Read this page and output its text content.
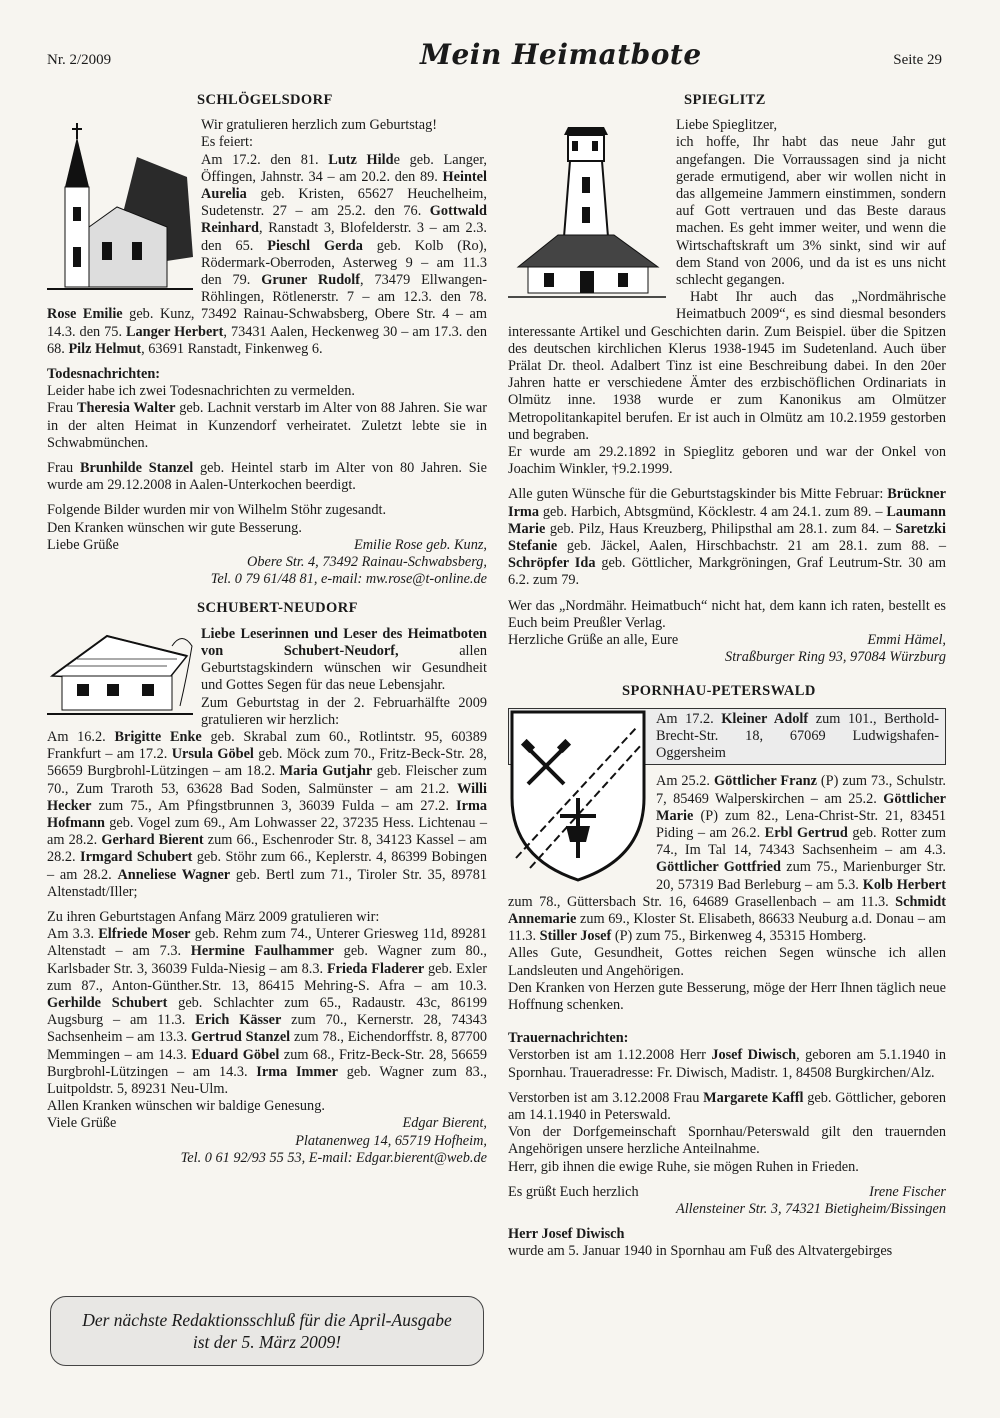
Nr. 2/2009	Mein Heimatbote	Seite 29
SCHLÖGELSDORF

Wir gratulieren herzlich zum Geburtstag!

Es feiert:

Am 17.2. den 81. Lutz Hilde geb. Langer, Öffingen, Jahnstr. 34 – am 20.2. den 89. Heintel Aurelia geb. Kristen, 65627 Heuchelheim, Sudetenstr. 27 – am 25.2. den 76. Gottwald Reinhard, Ranstadt 3, Blofelderstr. 3 – am 2.3. den 65. Pieschl Gerda geb. Kolb (Ro), Rödermark-Oberroden, Asterweg 9 – am 11.3 den 79. Gruner Rudolf, 73479 Ellwangen-Röhlingen, Rötlenerstr. 7 – am 12.3. den 78. Rose Emilie geb. Kunz, 73492 Rainau-Schwabsberg, Obere Str. 4 – am 14.3. den 75. Langer Herbert, 73431 Aalen, Heckenweg 30 – am 17.3. den 68. Pilz Helmut, 63691 Ranstadt, Finkenweg 6.

Todesnachrichten:

Leider habe ich zwei Todesnachrichten zu vermelden.

Frau Theresia Walter geb. Lachnit verstarb im Alter von 88 Jahren. Sie war in der alten Heimat in Kunzendorf verheiratet. Zuletzt lebte sie in Schwabmünchen.

Frau Brunhilde Stanzel geb. Heintel starb im Alter von 80 Jahren. Sie wurde am 29.12.2008 in Aalen-Unterkochen beerdigt.

Folgende Bilder wurden mir von Wilhelm Stöhr zugesandt.

Den Kranken wünschen wir gute Besserung.

Liebe Grüße	Emilie Rose geb. Kunz,

Obere Str. 4, 73492 Rainau-Schwabsberg,

Tel. 0 79 61/48 81, e-mail: mw.rose@t-online.de

SCHUBERT-NEUDORF

Liebe Leserinnen und Leser des Heimatboten von Schubert-Neudorf,	allen Geburtstagskindern wünschen wir Gesundheit und Gottes Segen für das neue Lebensjahr.

Zum Geburtstag in der 2. Februarhälfte 2009 gratulieren wir herzlich:

Am 16.2. Brigitte Enke geb. Skrabal zum 60., Rotlintstr. 95, 60389 Frankfurt – am 17.2. Ursula Göbel geb. Möck zum 70., Fritz-Beck-Str. 28, 56659 Burgbrohl-Lützingen – am 18.2. Maria Gutjahr geb. Fleischer zum 70., Zum Traroth 53, 63628 Bad Soden, Salmünster – am 21.2. Willi Hecker zum 75., Am Pfingstbrunnen 3, 36039 Fulda – am 27.2. Irma Hofmann geb. Vogel zum 69., Am Lohwasser 22, 37235 Hess. Lichtenau – am 28.2. Gerhard Bierent zum 66., Eschenroder Str. 8, 34123 Kassel – am 28.2. Irmgard Schubert geb. Stöhr zum 66., Keplerstr. 4, 86399 Bobingen – am 28.2. Anneliese Wagner geb. Bertl zum 71., Tiroler Str. 35, 89781 Altenstadt/Iller;

Zu ihren Geburtstagen Anfang März 2009 gratulieren wir:

Am 3.3. Elfriede Moser geb. Rehm zum 74., Unterer Griesweg 11d, 89281 Altenstadt – am 7.3. Hermine Faulhammer geb. Wagner zum 80., Karlsbader Str. 3, 36039 Fulda-Niesig – am 8.3. Frieda Fladerer geb. Exler zum 87., Anton-Günther.Str. 13, 86415 Mehring-S. Afra – am 10.3. Gerhilde Schubert geb. Schlachter zum 65., Radaustr. 43c, 86199 Augsburg – am 11.3. Erich Kässer zum 70., Kernerstr. 28, 74343 Sachsenheim – am 13.3. Gertrud Stanzel zum 78., Eichendorffstr. 8, 87700 Memmingen – am 14.3. Eduard Göbel zum 68., Fritz-Beck-Str. 28, 56659 Burgbrohl-Lützingen – am 14.3. Irma Immer geb. Wagner zum 83., Luitpoldstr. 5, 89231 Neu-Ulm.

Allen Kranken wünschen wir baldige Genesung.

Viele Grüße	Edgar Bierent,

Platanenweg 14, 65719 Hofheim,

Tel. 0 61 92/93 55 53, E-mail: Edgar.bierent@web.de

Der nächste Redaktionsschluß für die April-Ausgabe
ist der 5. März 2009!
SPIEGLITZ

Liebe Spieglitzer,

ich hoffe, Ihr habt das neue Jahr gut angefangen. Die Vorraussagen sind ja nicht gerade ermutigend, aber wir wollen nicht in das allgemeine Jammern einstimmen, sondern auf Gott vertrauen und das Beste daraus machen. Es geht immer weiter, und wenn die Wirtschaftskraft um 3% sinkt, sind wir auf dem Stand von 2006, und da ist es uns nicht schlecht gegangen.

Habt Ihr auch das „Nordmährische Heimatbuch 2009“, es sind diesmal besonders interessante Artikel und Geschichten darin. Zum Beispiel. über die Spitzen des deutschen kirchlichen Klerus 1938-1945 im Sudetenland. Auch über Prälat Dr. theol. Adalbert Tinz ist eine Beschreibung dabei. In den 20er Jahren hatte er verschiedene Ämter des erzbischöflichen Ordinariats in Olmütz inne. 1938 wurde er zum Kanonikus am Olmützer Metropolitankapitel berufen. Er ist auch in Olmütz am 10.2.1959 gestorben und begraben.

Er wurde am 29.2.1892 in Spieglitz geboren und war der Onkel von Joachim Winkler, †9.2.1999.

Alle guten Wünsche für die Geburtstagskinder bis Mitte Februar: Brückner Irma geb. Harbich, Abtsgmünd, Köcklestr. 4 am 24.1. zum 89. – Laumann Marie geb. Pilz, Haus Kreuzberg, Philipsthal am 28.1. zum 84. – Saretzki Stefanie geb. Jäckel, Aalen, Hirschbachstr. 21 am 28.1. zum 88. – Schröpfer Ida geb. Göttlicher, Markgröningen, Graf Leutrum-Str. 30 am 6.2. zum 79.

Wer das „Nordmähr. Heimatbuch“ nicht hat, dem kann ich raten, bestellt es Euch beim Preußler Verlag.

Herzliche Grüße an alle, Eure	Emmi Hämel,

Straßburger Ring 93, 97084 Würzburg

SPORNHAU-PETERSWALD
Am 17.2. Kleiner Adolf zum 101., Berthold-Brecht-Str. 18, 67069 Ludwigshafen-Oggersheim

Am 25.2. Göttlicher Franz (P) zum 73., Schulstr. 7, 85469 Walperskirchen – am 25.2. Göttlicher Marie (P) zum 82., Lena-Christ-Str. 21, 83451 Piding – am 26.2. Erbl Gertrud geb. Rotter zum 74., Im Tal 14, 74343 Sachsenheim – am 4.3. Göttlicher Gottfried zum 75., Marienburger Str. 20, 57319 Bad Berleburg – am 5.3. Kolb Herbert zum 78., Güttersbach Str. 16, 64689 Grasellenbach – am 11.3. Schmidt Annemarie zum 69., Kloster St. Elisabeth, 86633 Neuburg a.d. Donau – am 11.3. Stiller Josef (P) zum 75., Birkenweg 4, 35315 Homberg.

Alles Gute, Gesundheit, Gottes reichen Segen wünsche ich allen Landsleuten und Angehörigen.

Den Kranken von Herzen gute Besserung, möge der Herr Ihnen täglich neue Hoffnung schenken.

Trauernachrichten:

Verstorben ist am 1.12.2008 Herr Josef Diwisch, geboren am 5.1.1940 in Spornhau. Traueradresse: Fr. Diwisch, Madistr. 1, 84508 Burgkirchen/Alz.

Verstorben ist am 3.12.2008 Frau Margarete Kaffl geb. Göttlicher, geboren am 14.1.1940 in Peterswald.

Von der Dorfgemeinschaft Spornhau/Peterswald gilt den trauernden Angehörigen unsere herzliche Anteilnahme.

Herr, gib ihnen die ewige Ruhe, sie mögen Ruhen in Frieden.

Es grüßt Euch herzlich	Irene Fischer

Allensteiner Str. 3, 74321 Bietigheim/Bissingen

Herr Josef Diwisch

wurde am 5. Januar 1940 in Spornhau am Fuß des Altvatergebirges
